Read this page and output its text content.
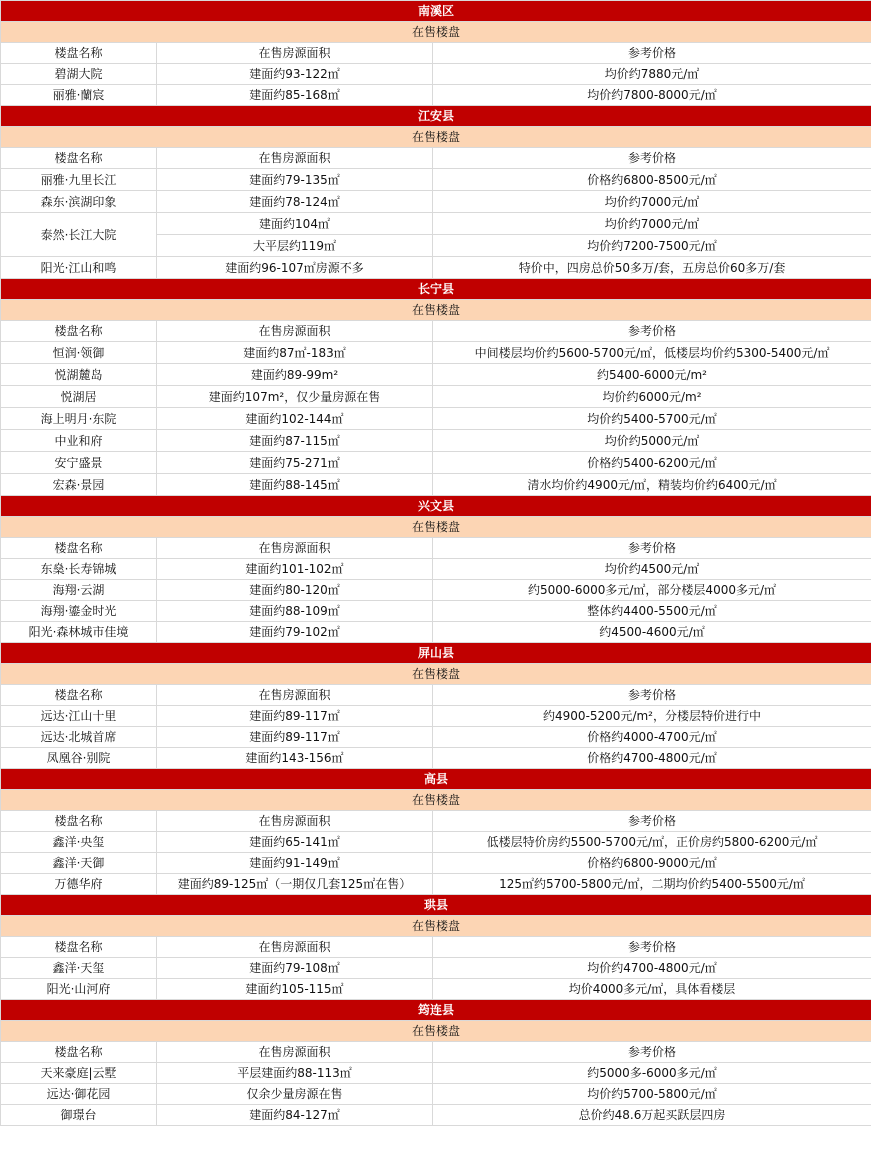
南溪区		
在售楼盘		
楼盘名称	在售房源面积	参考价格
碧湖大院	建面约93-122㎡	均价约7880元/㎡
丽雅·蘭宸	建面约85-168㎡	均价约7800-8000元/㎡
江安县		
在售楼盘		
楼盘名称	在售房源面积	参考价格
丽雅·九里长江	建面约79-135㎡	价格约6800-8500元/㎡
森东·滨湖印象	建面约78-124㎡	均价约7000元/㎡
泰然·长江大院	建面约104㎡	均价约7000元/㎡
	大平层约119㎡	均价约7200-7500元/㎡
阳光·江山和鸣	建面约96-107㎡房源不多	特价中，四房总价50多万/套，五房总价60多万/套
长宁县		
在售楼盘		
楼盘名称	在售房源面积	参考价格
恒润·领御	建面约87㎡-183㎡	中间楼层均价约5600-5700元/㎡，低楼层均价约5300-5400元/㎡
悦湖麓岛	建面约89-99m²	约5400-6000元/m²
悦湖居	建面约107m²，仅少量房源在售	均价约6000元/m²
海上明月·东院	建面约102-144㎡	均价约5400-5700元/㎡
中业和府	建面约87-115㎡	均价约5000元/㎡
安宁盛景	建面约75-271㎡	价格约5400-6200元/㎡
宏森·景园	建面约88-145㎡	清水均价约4900元/㎡，精装均价约6400元/㎡
兴文县		
在售楼盘		
楼盘名称	在售房源面积	参考价格
东燊·长寿锦城	建面约101-102㎡	均价约4500元/㎡
海翔·云湖	建面约80-120㎡	约5000-6000多元/㎡，部分楼层4000多元/㎡
海翔·鎏金时光	建面约88-109㎡	整体约4400-5500元/㎡
阳光·森林城市佳境	建面约79-102㎡	约4500-4600元/㎡
屏山县		
在售楼盘		
楼盘名称	在售房源面积	参考价格
远达·江山十里	建面约89-117㎡	约4900-5200元/m²，分楼层特价进行中
远达·北城首席	建面约89-117㎡	价格约4000-4700元/㎡
凤凰谷·别院	建面约143-156㎡	价格约4700-4800元/㎡
高县		
在售楼盘		
楼盘名称	在售房源面积	参考价格
鑫洋·央玺	建面约65-141㎡	低楼层特价房约5500-5700元/㎡，正价房约5800-6200元/㎡
鑫洋·天御	建面约91-149㎡	价格约6800-9000元/㎡
万德华府	建面约89-125㎡（一期仅几套125㎡在售）	125㎡约5700-5800元/㎡，二期均价约5400-5500元/㎡
珙县		
在售楼盘		
楼盘名称	在售房源面积	参考价格
鑫洋·天玺	建面约79-108㎡	均价约4700-4800元/㎡
阳光·山河府	建面约105-115㎡	均价4000多元/㎡，具体看楼层
筠连县		
在售楼盘		
楼盘名称	在售房源面积	参考价格
天来豪庭|云墅	平层建面约88-113㎡	约5000多-6000多元/㎡
远达·御花园	仅余少量房源在售	均价约5700-5800元/㎡
御璟台	建面约84-127㎡	总价约48.6万起买跃层四房
